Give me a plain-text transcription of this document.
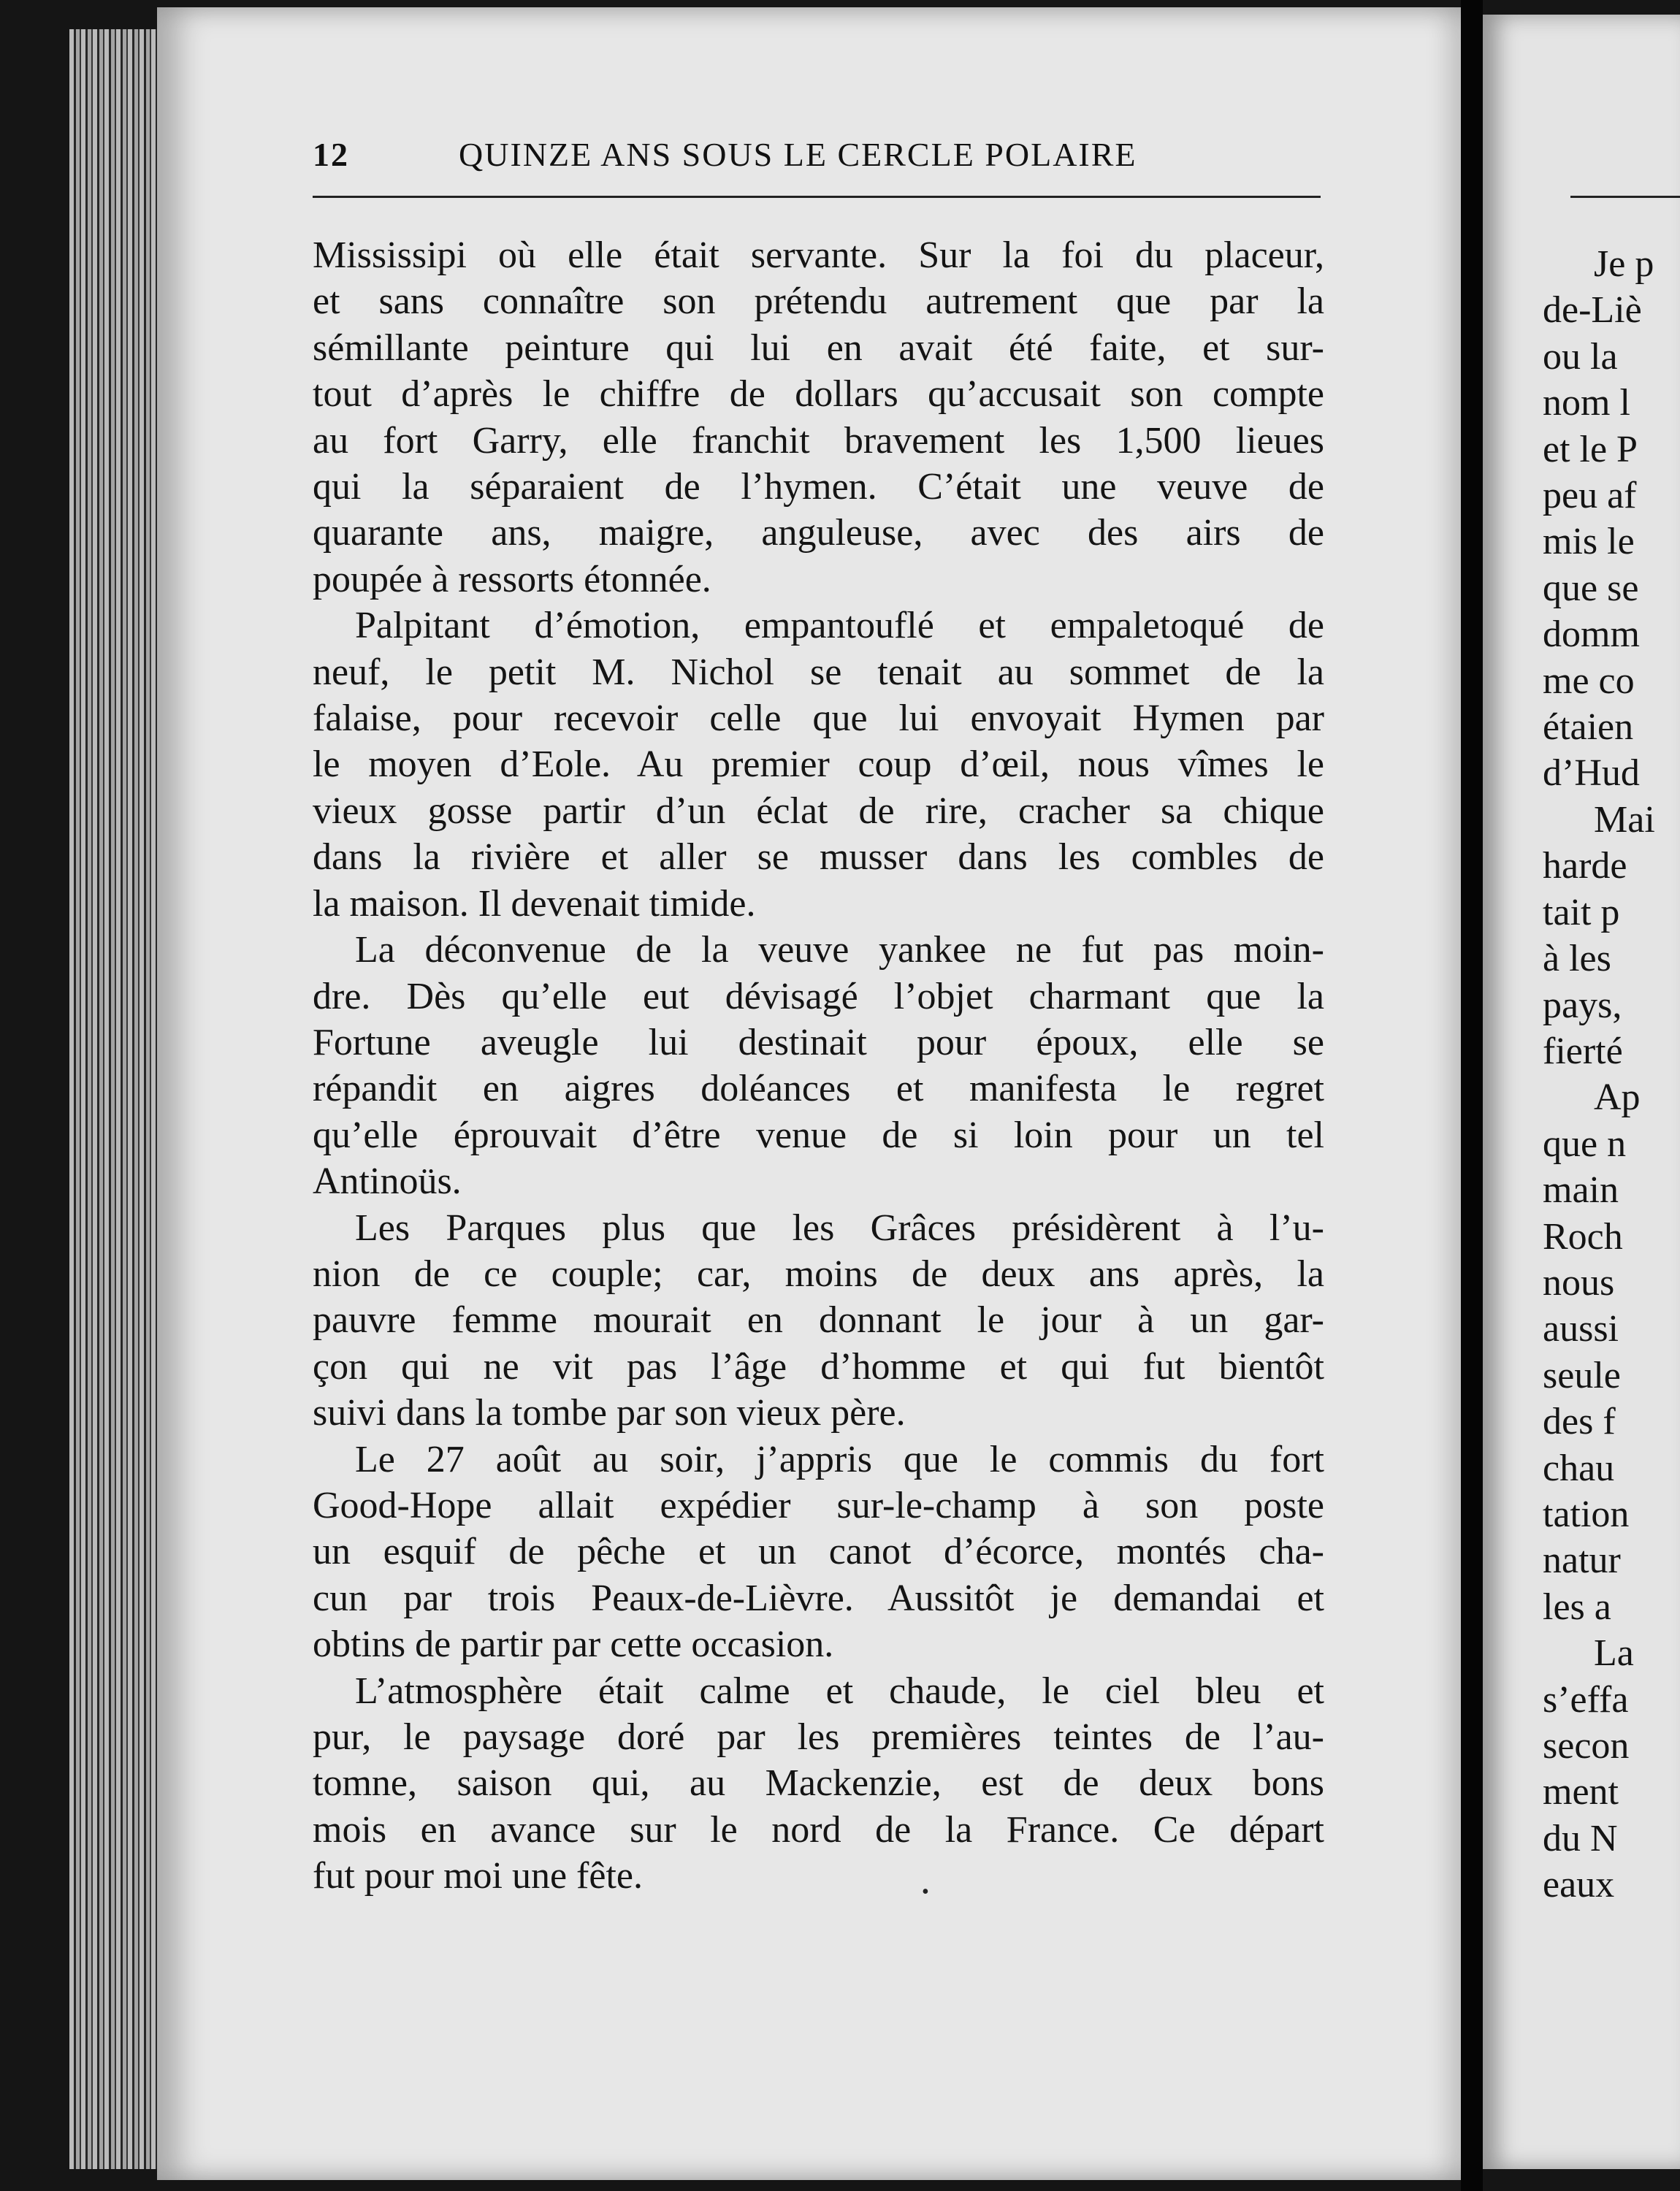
12	QUINZE ANS SOUS LE CERCLE POLAIRE
Mississipi où elle était servante. Sur la foi du placeur,
et sans connaître son prétendu autrement que par la
sémillante peinture qui lui en avait été faite, et sur-
tout d’après le chiffre de dollars qu’accusait son compte
au fort Garry, elle franchit bravement les 1,500 lieues
qui la séparaient de l’hymen. C’était une veuve de
quarante ans, maigre, anguleuse, avec des airs de
poupée à ressorts étonnée.
Palpitant d’émotion, empantouflé et empaletoqué de
neuf, le petit M. Nichol se tenait au sommet de la
falaise, pour recevoir celle que lui envoyait Hymen par
le moyen d’Eole. Au premier coup d’œil, nous vîmes le
vieux gosse partir d’un éclat de rire, cracher sa chique
dans la rivière et aller se musser dans les combles de
la maison. Il devenait timide.
La déconvenue de la veuve yankee ne fut pas moin-
dre. Dès qu’elle eut dévisagé l’objet charmant que la
Fortune aveugle lui destinait pour époux, elle se
répandit en aigres doléances et manifesta le regret
qu’elle éprouvait d’être venue de si loin pour un tel
Antinoüs.
Les Parques plus que les Grâces présidèrent à l’u-
nion de ce couple; car, moins de deux ans après, la
pauvre femme mourait en donnant le jour à un gar-
çon qui ne vit pas l’âge d’homme et qui fut bientôt
suivi dans la tombe par son vieux père.
Le 27 août au soir, j’appris que le commis du fort
Good-Hope allait expédier sur-le-champ à son poste
un esquif de pêche et un canot d’écorce, montés cha-
cun par trois Peaux-de-Lièvre. Aussitôt je demandai et
obtins de partir par cette occasion.
L’atmosphère était calme et chaude, le ciel bleu et
pur, le paysage doré par les premières teintes de l’au-
tomne, saison qui, au Mackenzie, est de deux bons
mois en avance sur le nord de la France. Ce départ
fut pour moi une fête.	•
Je p
de-Liè
ou la
nom l
et le P
peu af
mis le
que se
domm
me co
étaien
d’Hud
Mai
harde
tait p
à les
pays,
fierté
Ap
que n
main
Roch
nous
aussi
seule
des f
chau
tation
natur
les a
La
s’effa
secon
ment
du N
eaux
